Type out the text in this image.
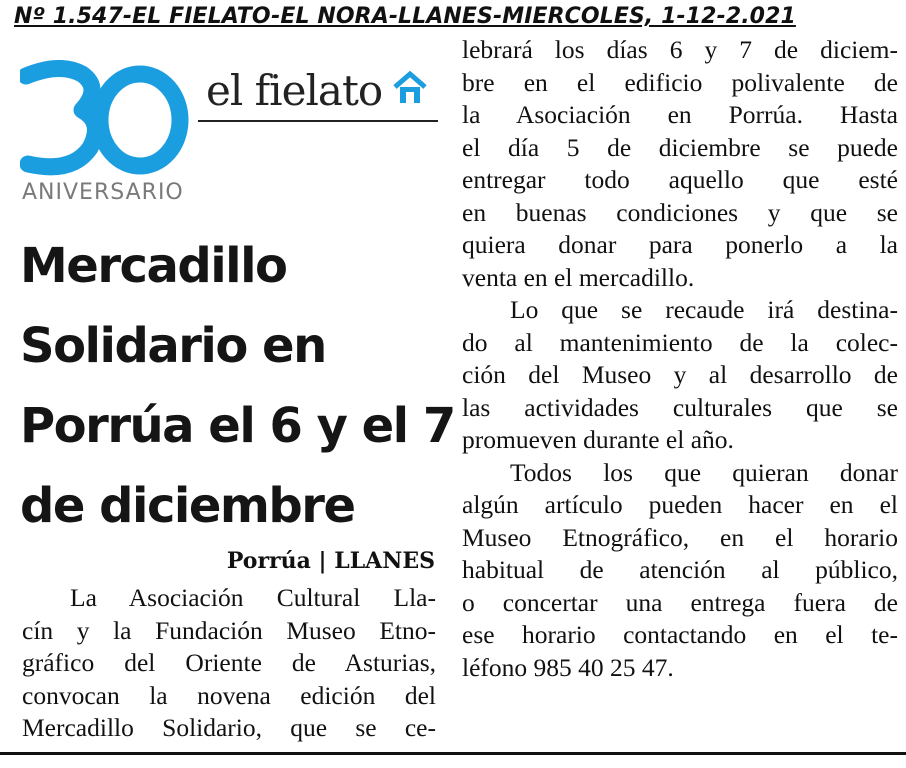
Nº 1.547-EL FIELATO-EL NORA-LLANES-MIERCOLES, 1-12-2.021
ANIVERSARIO
el fielato
Mercadillo
Solidario en
Porrúa el 6 y el 7
de diciembre
Porrúa | LLANES
La Asociación Cultural Lla-
cín y la Fundación Museo Etno-
gráfico del Oriente de Asturias,
convocan la novena edición del
Mercadillo Solidario, que se ce-
lebrará los días 6 y 7 de diciem-
bre en el edificio polivalente de
la Asociación en Porrúa. Hasta
el día 5 de diciembre se puede
entregar todo aquello que esté
en buenas condiciones y que se
quiera donar para ponerlo a la
venta en el mercadillo.
Lo que se recaude irá destina-
do al mantenimiento de la colec-
ción del Museo y al desarrollo de
las actividades culturales que se
promueven durante el año.
Todos los que quieran donar
algún artículo pueden hacer en el
Museo Etnográfico, en el horario
habitual de atención al público,
o concertar una entrega fuera de
ese horario contactando en el te-
léfono 985 40 25 47.
